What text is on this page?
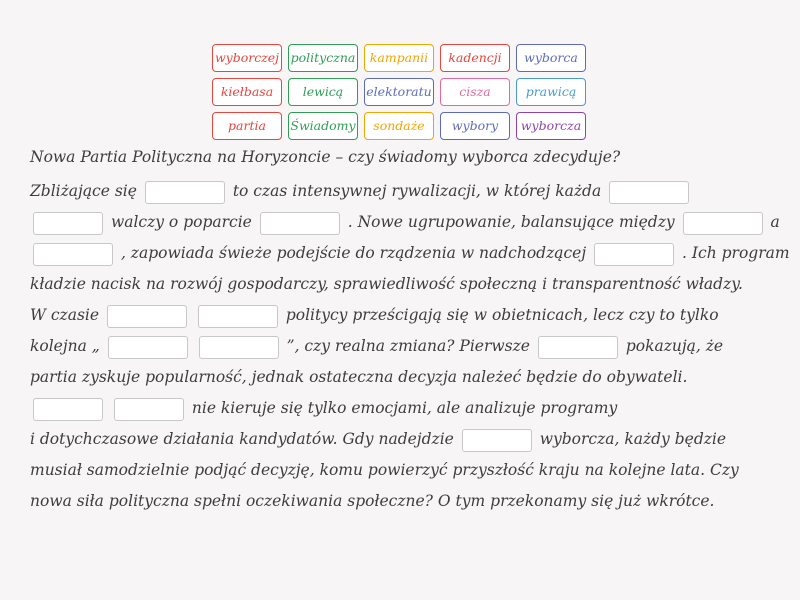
wyborczej polityczna	kampanii	kadencji	wyborca
kiełbasa	lewicą	elektoratu	cisza	prawicą
partia	Świadomy	sondaże	wybory	wyborcza
Nowa Partia Polityczna na Horyzoncie – czy świadomy wyborca zdecyduje?
Zbliżające się	to czas intensywnej rywalizacji, w której każda
walczy o poparcie	. Nowe ugrupowanie, balansujące między	a
, zapowiada świeże podejście do rządzenia w nadchodzącej	. Ich program
kładzie nacisk na rozwój gospodarczy, sprawiedliwość społeczną i transparentność władzy.
W czasie	politycy prześcigają się w obietnicach, lecz czy to tylko
kolejna „	”, czy realna zmiana? Pierwsze	pokazują, że
partia zyskuje popularność, jednak ostateczna decyzja należeć będzie do obywateli.
nie kieruje się tylko emocjami, ale analizuje programy
i dotychczasowe działania kandydatów. Gdy nadejdzie	wyborcza, każdy będzie
musiał samodzielnie podjąć decyzję, komu powierzyć przyszłość kraju na kolejne lata. Czy
nowa siła polityczna spełni oczekiwania społeczne? O tym przekonamy się już wkrótce.
